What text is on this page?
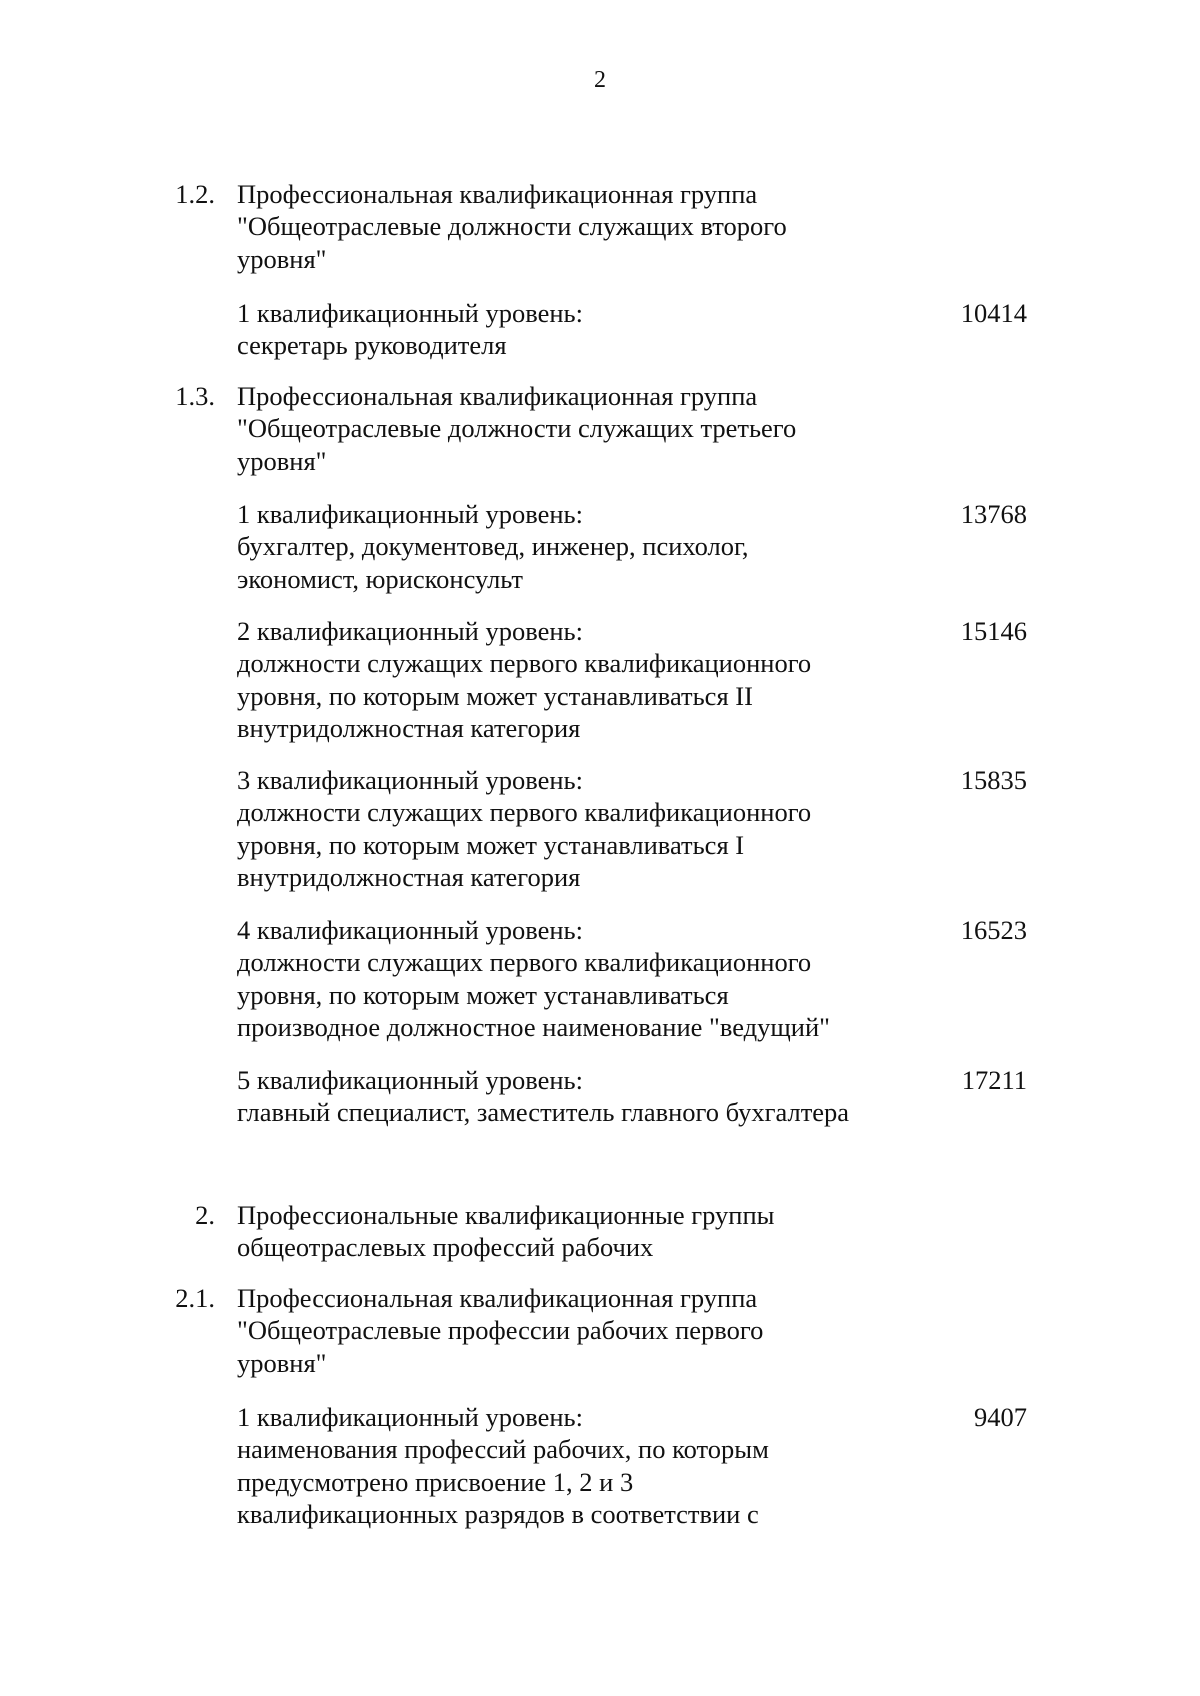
2
1.2. Профессиональная квалификационная группа
"Общеотраслевые должности служащих второго
уровня"
1 квалификационный уровень:
секретарь руководителя
10414
1.3. Профессиональная квалификационная группа
"Общеотраслевые должности служащих третьего
уровня"
1 квалификационный уровень:
бухгалтер, документовед, инженер, психолог,
экономист, юрисконсульт
13768
2 квалификационный уровень:
должности служащих первого квалификационного
уровня, по которым может устанавливаться II
внутридолжностная категория
15146
3 квалификационный уровень:
должности служащих первого квалификационного
уровня, по которым может устанавливаться I
внутридолжностная категория
15835
4 квалификационный уровень:
должности служащих первого квалификационного
уровня, по которым может устанавливаться
производное должностное наименование "ведущий"
16523
5 квалификационный уровень:
главный специалист, заместитель главного бухгалтера
17211
2. Профессиональные квалификационные группы
общеотраслевых профессий рабочих
2.1. Профессиональная квалификационная группа
"Общеотраслевые профессии рабочих первого
уровня"
1 квалификационный уровень:
наименования профессий рабочих, по которым
предусмотрено присвоение 1, 2 и 3
квалификационных разрядов в соответствии с
9407
